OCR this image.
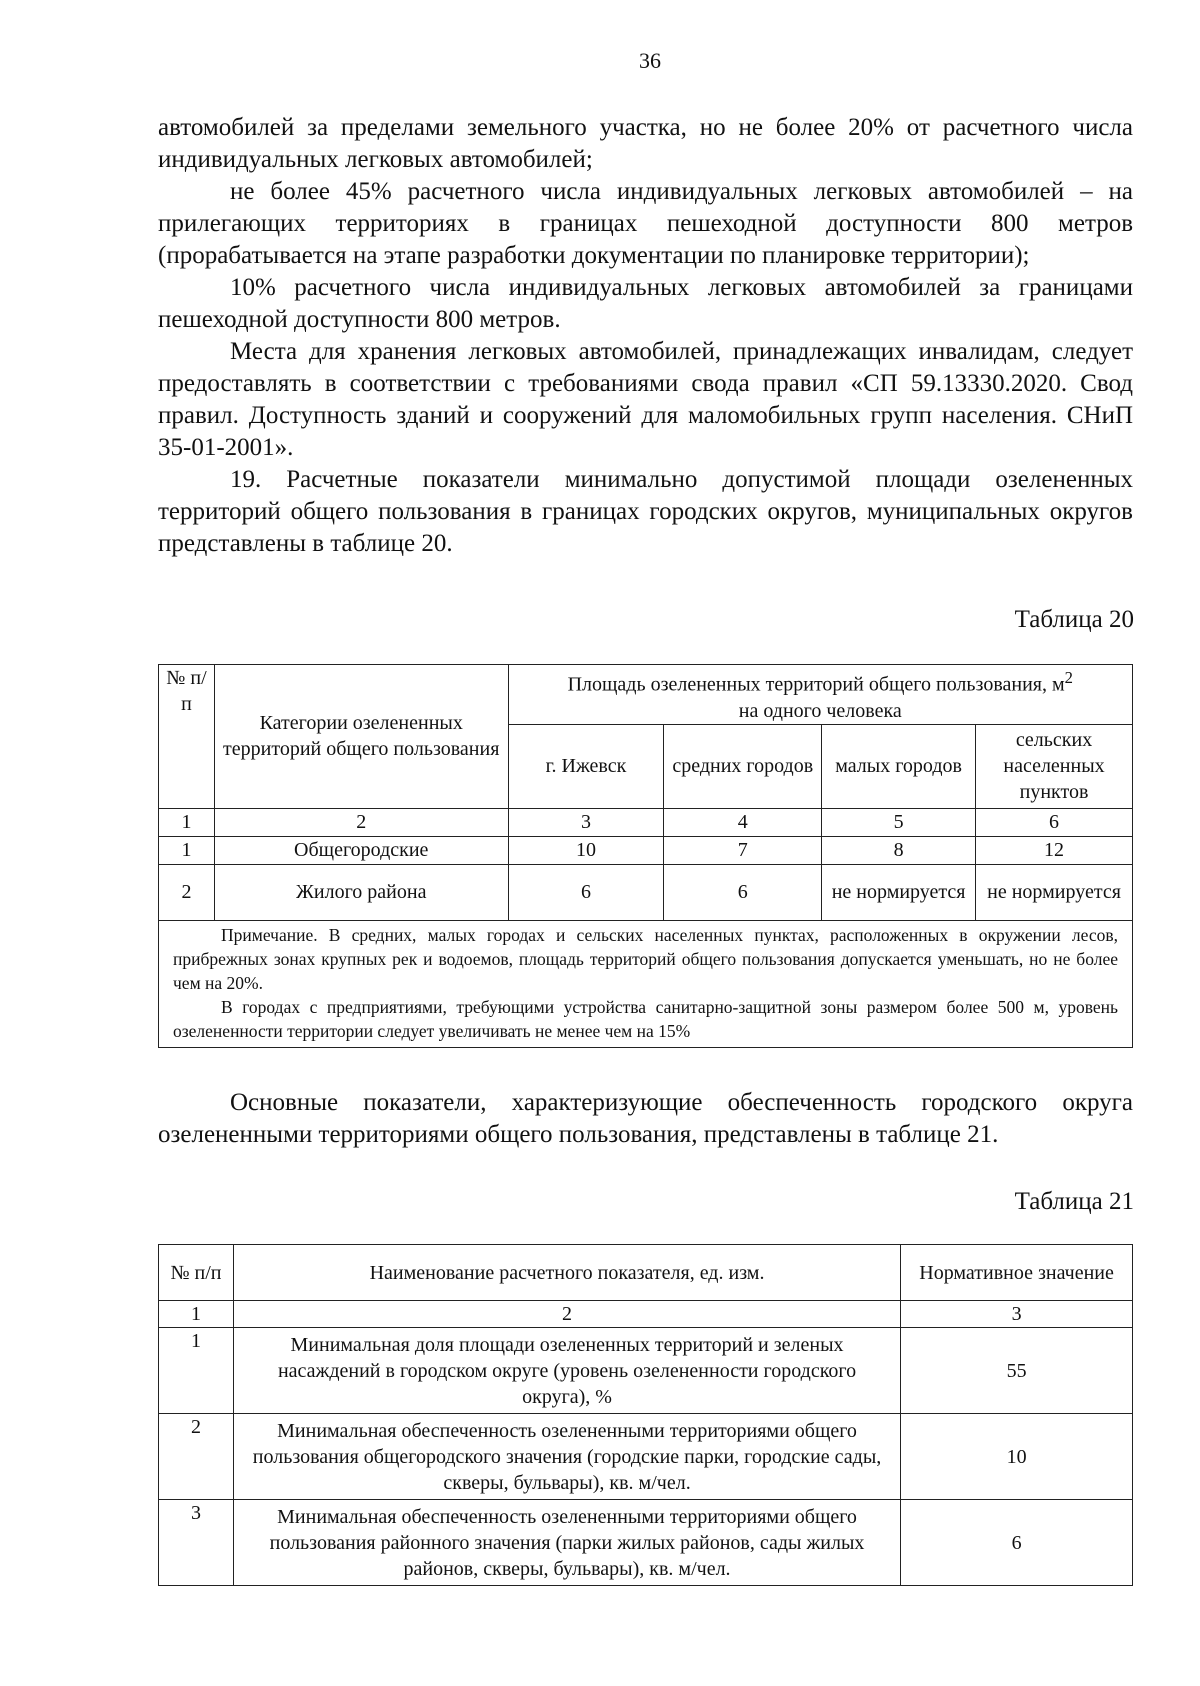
36

автомобилей за пределами земельного участка, но не более 20% от расчетного числа индивидуальных легковых автомобилей;

не более 45% расчетного числа индивидуальных легковых автомобилей – на прилегающих территориях в границах пешеходной доступности 800 метров (прорабатывается на этапе разработки документации по планировке территории);

10% расчетного числа индивидуальных легковых автомобилей за границами пешеходной доступности 800 метров.

Места для хранения легковых автомобилей, принадлежащих инвалидам, следует предоставлять в соответствии с требованиями свода правил «СП 59.13330.2020. Свод правил. Доступность зданий и сооружений для маломобильных групп населения. СНиП 35-01-2001».

19. Расчетные показатели минимально допустимой площади озелененных территорий общего пользования в границах городских округов, муниципальных округов представлены в таблице 20.

Таблица 20
№ п/п	Категории озелененных территорий общего пользования	Площадь озелененных территорий общего пользования, $м^2$
на одного человека			
		г. Ижевск	средних городов	малых городов	сельских населенных пунктов
1	2	3	4	5	6
1	Общегородские	10	7	8	12
2	Жилого района	6	6	не нормируется	не нормируется

Примечание. В средних, малых городах и сельских населенных пунктах, расположенных в окружении лесов, прибрежных зонах крупных рек и водоемов, площадь территорий общего пользования допускается уменьшать, но не более чем на 20%.

В городах с предприятиями, требующими устройства санитарно-защитной зоны размером более 500 м, уровень озелененности территории следует увеличивать не менее чем на 15%					

Основные показатели, характеризующие обеспеченность городского округа озелененными территориями общего пользования, представлены в таблице 21.

Таблица 21
№ п/п	Наименование расчетного показателя, ед. изм.	Нормативное значение
1	2	3
1	Минимальная доля площади озелененных территорий и зеленых насаждений в городском округе (уровень озелененности городского округа), %	55
2	Минимальная обеспеченность озелененными территориями общего пользования общегородского значения (городские парки, городские сады, скверы, бульвары), кв. м/чел.	10
3	Минимальная обеспеченность озелененными территориями общего пользования районного значения (парки жилых районов, сады жилых районов, скверы, бульвары), кв. м/чел.	6
